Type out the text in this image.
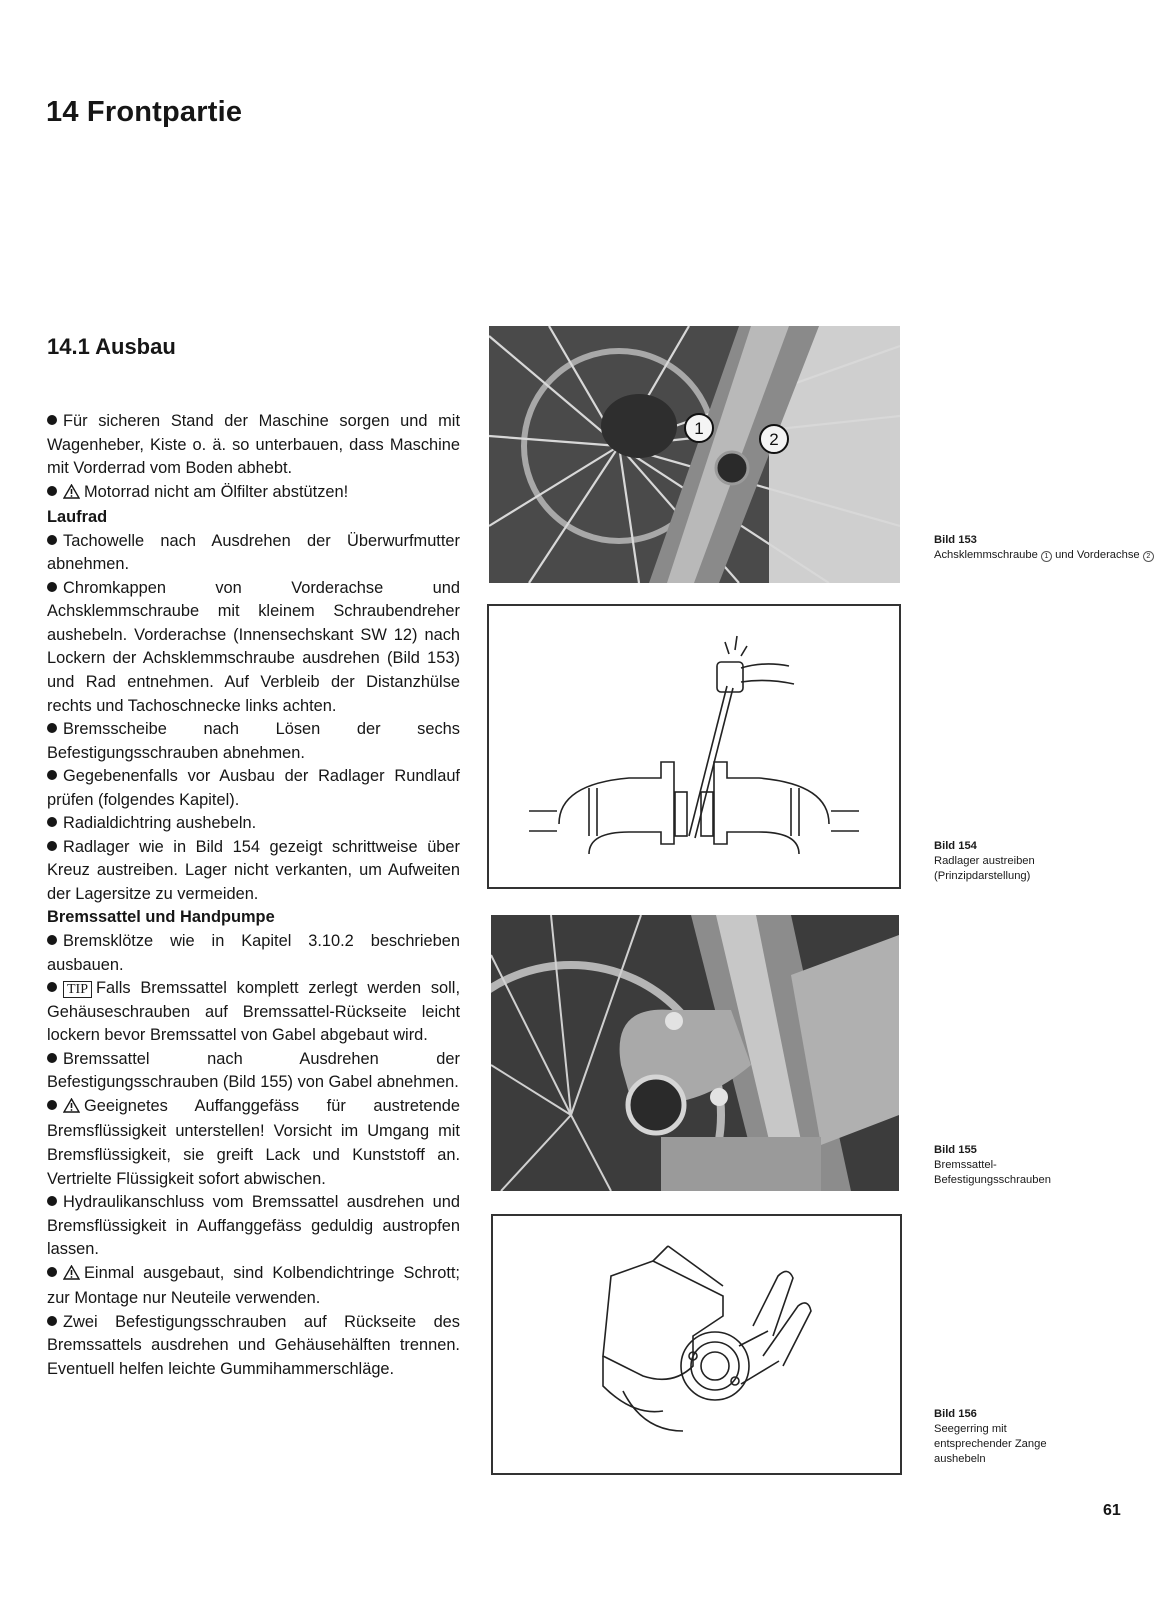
14 Frontpartie
14.1 Ausbau

Für sicheren Stand der Maschine sorgen und mit Wagenheber, Kiste o. ä. so unterbauen, dass Maschine mit Vorderrad vom Boden abhebt.

Motorrad nicht am Ölfilter abstützen!

Laufrad

Tachowelle nach Ausdrehen der Überwurfmutter abnehmen.

Chromkappen von Vorderachse und Achsklemmschraube mit kleinem Schraubendreher aushebeln. Vorderachse (Innensechskant SW 12) nach Lockern der Achsklemmschraube ausdrehen (Bild 153) und Rad entnehmen. Auf Verbleib der Distanzhülse rechts und Tachoschnecke links achten.

Bremsscheibe nach Lösen der sechs Befestigungsschrauben abnehmen.

Gegebenenfalls vor Ausbau der Radlager Rundlauf prüfen (folgendes Kapitel).

Radialdichtring aushebeln.

Radlager wie in Bild 154 gezeigt schrittweise über Kreuz austreiben. Lager nicht verkanten, um Aufweiten der Lagersitze zu vermeiden.

Bremssattel und Handpumpe

Bremsklötze wie in Kapitel 3.10.2 beschrieben ausbauen.

TIP Falls Bremssattel komplett zerlegt werden soll, Gehäuseschrauben auf Bremssattel-Rückseite leicht lockern bevor Bremssattel von Gabel abgebaut wird.

Bremssattel nach Ausdrehen der Befestigungsschrauben (Bild 155) von Gabel abnehmen.

Geeignetes Auffanggefäss für austretende Bremsflüssigkeit unterstellen! Vorsicht im Umgang mit Bremsflüssigkeit, sie greift Lack und Kunststoff an. Vertrielte Flüssigkeit sofort abwischen.

Hydraulikanschluss vom Bremssattel ausdrehen und Bremsflüssigkeit in Auffanggefäss geduldig austropfen lassen.

Einmal ausgebaut, sind Kolbendichtringe Schrott; zur Montage nur Neuteile verwenden.

Zwei Befestigungsschrauben auf Rückseite des Bremssattels ausdrehen und Gehäusehälften trennen. Eventuell helfen leichte Gummihammerschläge.

1
2
Bild 153
Achsklemmschraube 1 und Vorderachse 2
Bild 154
Radlager austreiben
(Prinzipdarstellung)
Bild 155
Bremssattel-
Befestigungsschrauben
Bild 156
Seegerring mit
entsprechender Zange
aushebeln
61
